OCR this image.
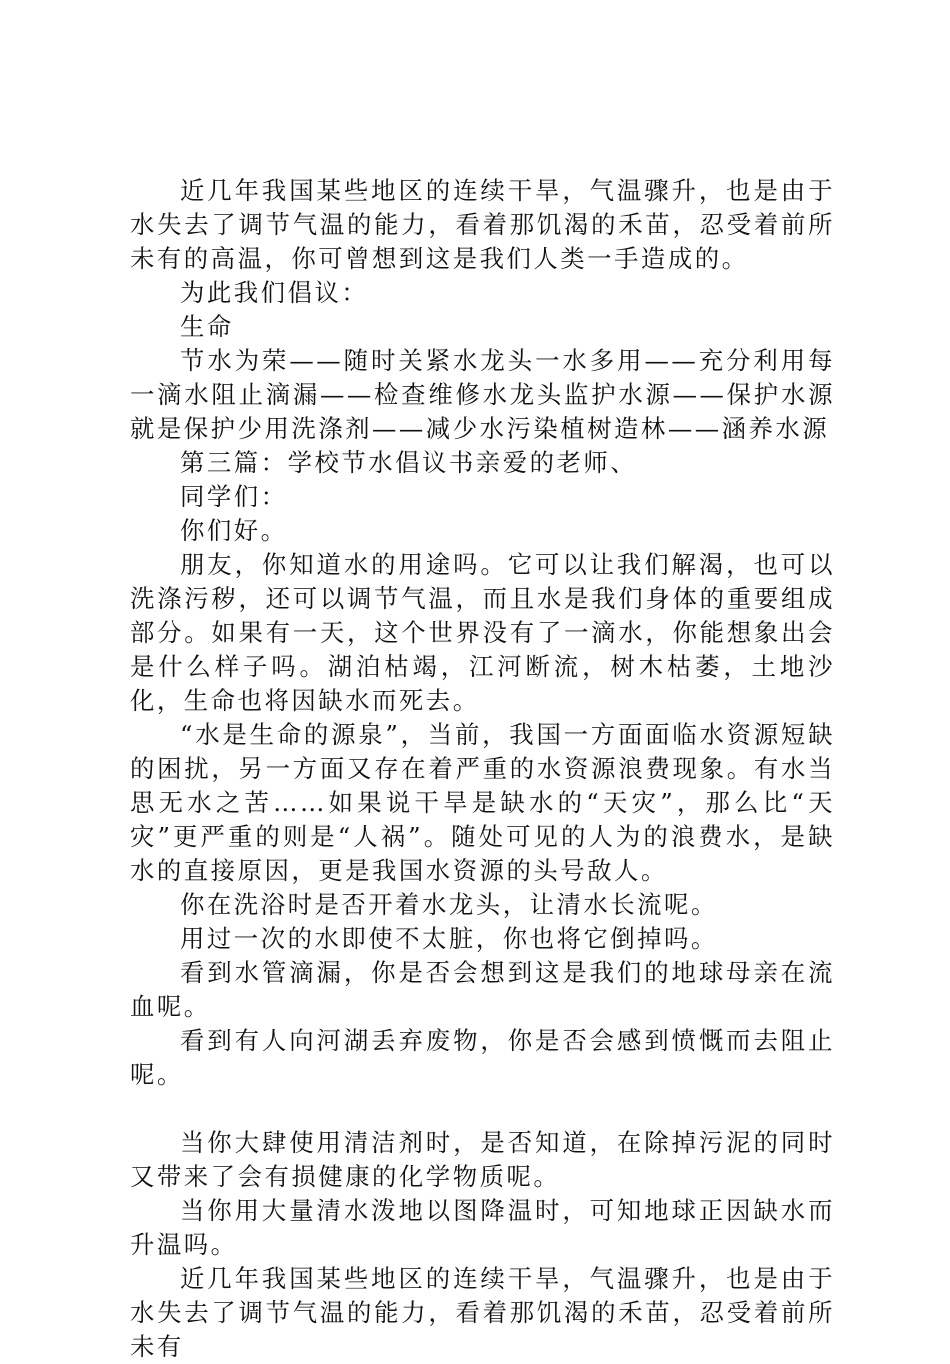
近几年我国某些地区的连续干旱，气温骤升，也是由于水失去了调节气温的能力，看着那饥渴的禾苗，忍受着前所未有的高温，你可曾想到这是我们人类一手造成的。

为此我们倡议：

生命

节水为荣——随时关紧水龙头一水多用——充分利用每一滴水阻止滴漏——检查维修水龙头监护水源——保护水源就是保护少用洗涤剂——减少水污染植树造林——涵养水源

第三篇：学校节水倡议书亲爱的老师、

同学们：

你们好。

朋友，你知道水的用途吗。它可以让我们解渴，也可以洗涤污秽，还可以调节气温，而且水是我们身体的重要组成部分。如果有一天，这个世界没有了一滴水，你能想象出会是什么样子吗。湖泊枯竭，江河断流，树木枯萎，土地沙化，生命也将因缺水而死去。

“水是生命的源泉”，当前，我国一方面面临水资源短缺的困扰，另一方面又存在着严重的水资源浪费现象。有水当思无水之苦……如果说干旱是缺水的“天灾”，那么比“天灾”更严重的则是“人祸”。随处可见的人为的浪费水，是缺水的直接原因，更是我国水资源的头号敌人。

你在洗浴时是否开着水龙头，让清水长流呢。

用过一次的水即使不太脏，你也将它倒掉吗。

看到水管滴漏，你是否会想到这是我们的地球母亲在流血呢。

看到有人向河湖丢弃废物，你是否会感到愤慨而去阻止呢。

当你大肆使用清洁剂时，是否知道，在除掉污泥的同时又带来了会有损健康的化学物质呢。

当你用大量清水泼地以图降温时，可知地球正因缺水而升温吗。

近几年我国某些地区的连续干旱，气温骤升，也是由于水失去了调节气温的能力，看着那饥渴的禾苗，忍受着前所未有
